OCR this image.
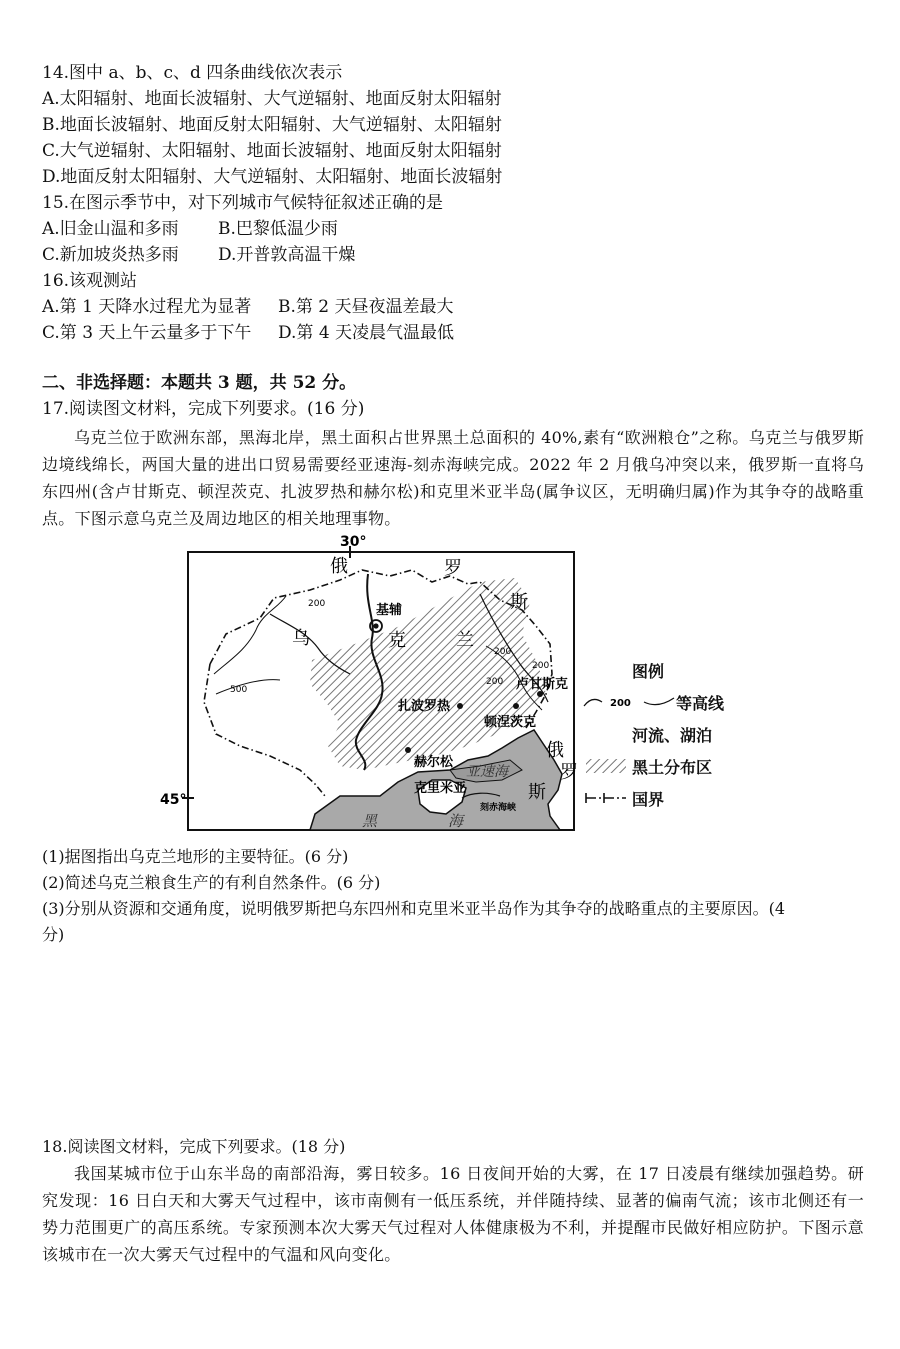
14.图中 a、b、c、d 四条曲线依次表示
A.太阳辐射、地面长波辐射、大气逆辐射、地面反射太阳辐射
B.地面长波辐射、地面反射太阳辐射、大气逆辐射、太阳辐射
C.大气逆辐射、太阳辐射、地面长波辐射、地面反射太阳辐射
D.地面反射太阳辐射、大气逆辐射、太阳辐射、地面长波辐射
15.在图示季节中，对下列城市气候特征叙述正确的是
A.旧金山温和多雨 B.巴黎低温少雨
C.新加坡炎热多雨 D.开普敦高温干燥
16.该观测站
A.第 1 天降水过程尤为显著 B.第 2 天昼夜温差最大
C.第 3 天上午云量多于下午 D.第 4 天凌晨气温最低
二、非选择题：本题共 3 题，共 52 分。
17.阅读图文材料，完成下列要求。(16 分)
乌克兰位于欧洲东部，黑海北岸，黑土面积占世界黑土总面积的 40%,素有“欧洲粮仓”之称。乌克兰与俄罗斯边境线绵长，两国大量的进出口贸易需要经亚速海-刻赤海峡完成。2022 年 2 月俄乌冲突以来，俄罗斯一直将乌东四州(含卢甘斯克、顿涅茨克、扎波罗热和赫尔松)和克里米亚半岛(属争议区，无明确归属)作为其争夺的战略重点。下图示意乌克兰及周边地区的相关地理事物。
30°
45°
俄	罗
斯
乌	克	兰
俄
罗
斯
基辅
卢甘斯克
扎波罗热
顿涅茨克
赫尔松
克里米亚
亚速海
黑	海
刻赤海峡
500
200
200
200
200	图例
200	等高线
河流、湖泊
黑土分布区
国界
(1)据图指出乌克兰地形的主要特征。(6 分)
(2)简述乌克兰粮食生产的有利自然条件。(6 分)
(3)分别从资源和交通角度，说明俄罗斯把乌东四州和克里米亚半岛作为其争夺的战略重点的主要原因。(4
分)
18.阅读图文材料，完成下列要求。(18 分)
我国某城市位于山东半岛的南部沿海，雾日较多。16 日夜间开始的大雾，在 17 日凌晨有继续加强趋势。研究发现：16 日白天和大雾天气过程中，该市南侧有一低压系统，并伴随持续、显著的偏南气流；该市北侧还有一势力范围更广的高压系统。专家预测本次大雾天气过程对人体健康极为不利，并提醒市民做好相应防护。下图示意该城市在一次大雾天气过程中的气温和风向变化。
